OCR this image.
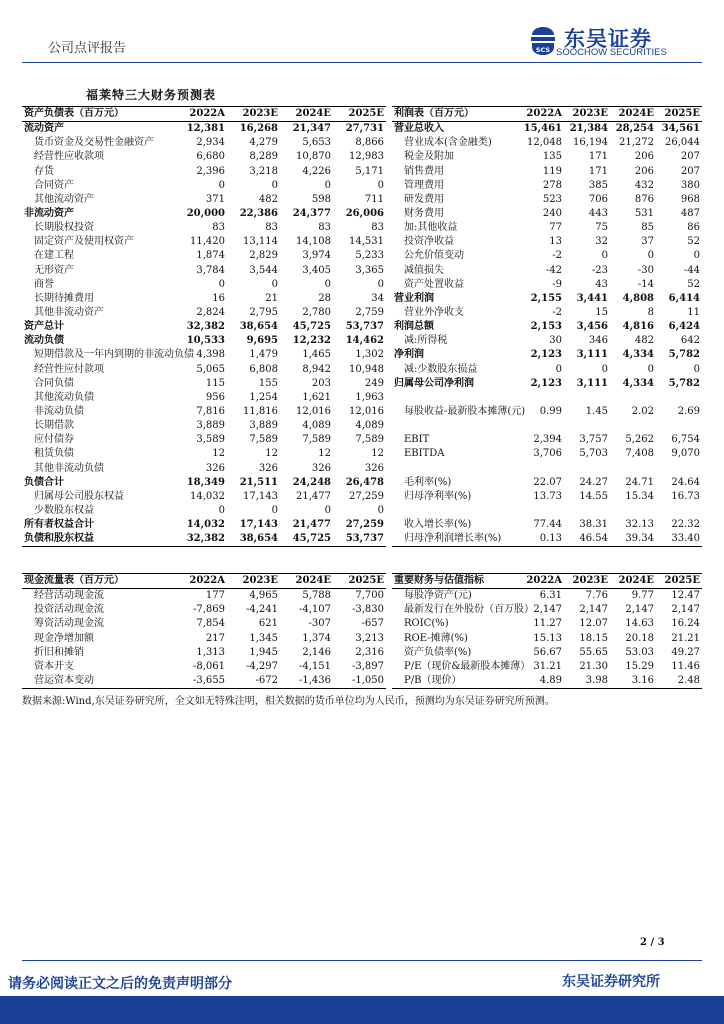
公司点评报告	SCS 东吴证券
SOOCHOW SECURITIES
福莱特三大财务预测表
资产负债表（百万元）	2022A	2023E	2024E	2025E
流动资产	12,381	16,268	21,347	27,731
货币资金及交易性金融资产	2,934	4,279	5,653	8,866
经营性应收款项	6,680	8,289	10,870	12,983
存货	2,396	3,218	4,226	5,171
合同资产	0	0	0	0
其他流动资产	371	482	598	711
非流动资产	20,000	22,386	24,377	26,006
长期股权投资	83	83	83	83
固定资产及使用权资产	11,420	13,114	14,108	14,531
在建工程	1,874	2,829	3,974	5,233
无形资产	3,784	3,544	3,405	3,365
商誉	0	0	0	0
长期待摊费用	16	21	28	34
其他非流动资产	2,824	2,795	2,780	2,759
资产总计	32,382	38,654	45,725	53,737
流动负债	10,533	9,695	12,232	14,462
短期借款及一年内到期的非流动负债	4,398	1,479	1,465	1,302
经营性应付款项	5,065	6,808	8,942	10,948
合同负债	115	155	203	249
其他流动负债	956	1,254	1,621	1,963
非流动负债	7,816	11,816	12,016	12,016
长期借款	3,889	3,889	4,089	4,089
应付债券	3,589	7,589	7,589	7,589
租赁负债	12	12	12	12
其他非流动负债	326	326	326	326
负债合计	18,349	21,511	24,248	26,478
归属母公司股东权益	14,032	17,143	21,477	27,259
少数股东权益	0	0	0	0
所有者权益合计	14,032	17,143	21,477	27,259
负债和股东权益	32,382	38,654	45,725	53,737
利润表（百万元）	2022A	2023E	2024E	2025E
营业总收入	15,461	21,384	28,254	34,561
营业成本(含金融类)	12,048	16,194	21,272	26,044
税金及附加	135	171	206	207
销售费用	119	171	206	207
管理费用	278	385	432	380
研发费用	523	706	876	968
财务费用	240	443	531	487
加:其他收益	77	75	85	86
投资净收益	13	32	37	52
公允价值变动	-2	0	0	0
减值损失	-42	-23	-30	-44
资产处置收益	-9	43	-14	52
营业利润	2,155	3,441	4,808	6,414
营业外净收支	-2	15	8	11
利润总额	2,153	3,456	4,816	6,424
减:所得税	30	346	482	642
净利润	2,123	3,111	4,334	5,782
减:少数股东损益	0	0	0	0
归属母公司净利润	2,123	3,111	4,334	5,782

每股收益-最新股本摊薄(元)	0.99	1.45	2.02	2.69

EBIT	2,394	3,757	5,262	6,754
EBITDA	3,706	5,703	7,408	9,070

毛利率(%)	22.07	24.27	24.71	24.64
归母净利率(%)	13.73	14.55	15.34	16.73

收入增长率(%)	77.44	38.31	32.13	22.32
归母净利润增长率(%)	0.13	46.54	39.34	33.40
现金流量表（百万元）	2022A	2023E	2024E	2025E
经营活动现金流	177	4,965	5,788	7,700
投资活动现金流	-7,869	-4,241	-4,107	-3,830
筹资活动现金流	7,854	621	-307	-657
现金净增加额	217	1,345	1,374	3,213
折旧和摊销	1,313	1,945	2,146	2,316
资本开支	-8,061	-4,297	-4,151	-3,897
营运资本变动	-3,655	-672	-1,436	-1,050
重要财务与估值指标	2022A	2023E	2024E	2025E
每股净资产(元)	6.31	7.76	9.77	12.47
最新发行在外股份（百万股）	2,147	2,147	2,147	2,147
ROIC(%)	11.27	12.07	14.63	16.24
ROE-摊薄(%)	15.13	18.15	20.18	21.21
资产负债率(%)	56.67	55.65	53.03	49.27
P/E（现价&最新股本摊薄）	31.21	21.30	15.29	11.46
P/B（现价）	4.89	3.98	3.16	2.48
数据来源:Wind,东吴证券研究所，全文如无特殊注明，相关数据的货币单位均为人民币，预测均为东吴证券研究所预测。
2 / 3
请务必阅读正文之后的免责声明部分	东吴证券研究所
